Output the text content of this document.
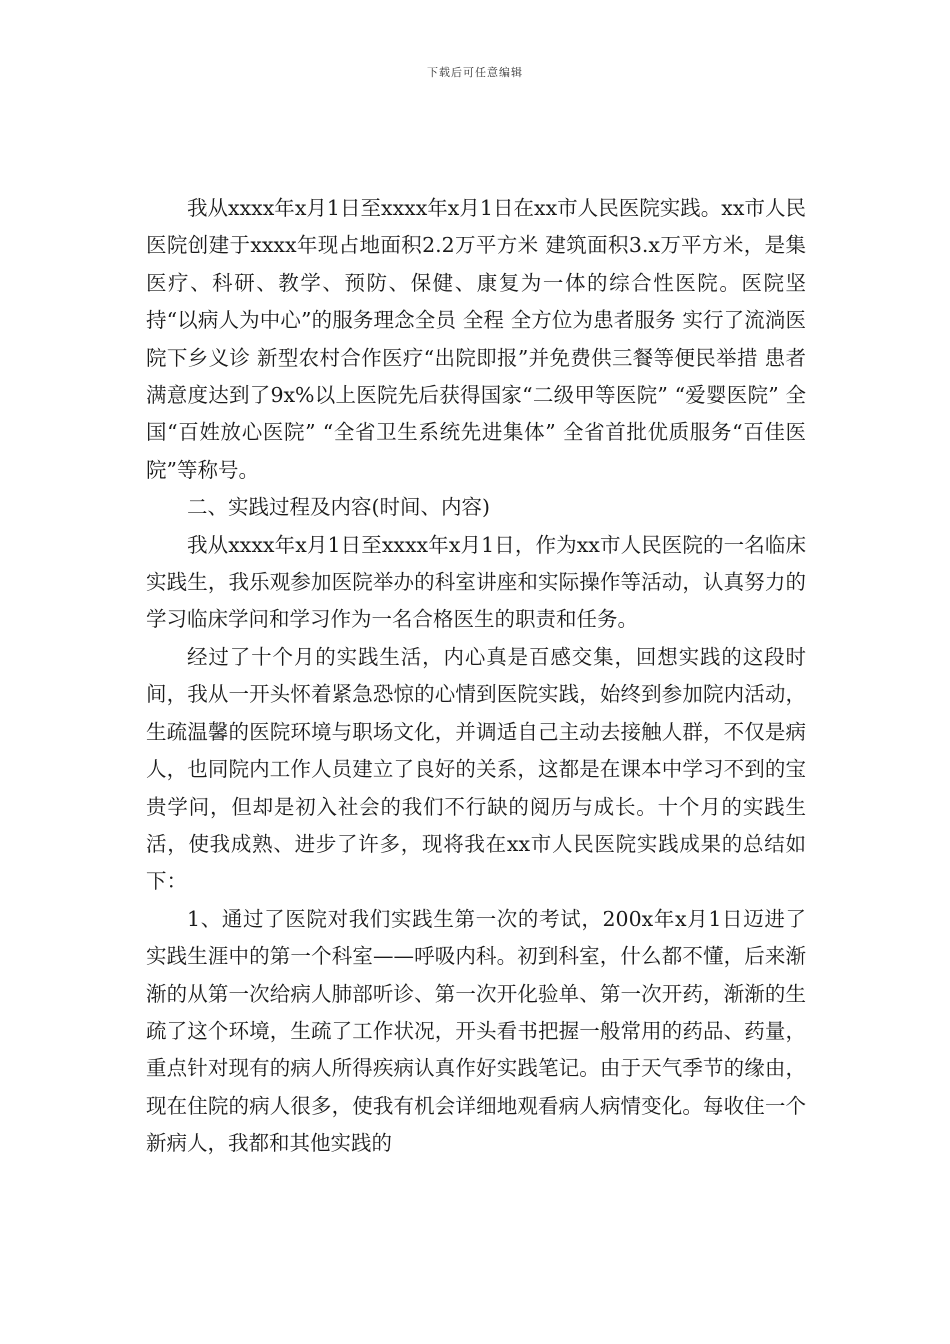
下载后可任意编辑

我从xxxx年x月1日至xxxx年x月1日在xx市人民医院实践。xx市人民医院创建于xxxx年现占地面积2.2万平方米 建筑面积3.x万平方米，是集医疗、科研、教学、预防、保健、康复为一体的综合性医院。医院坚持“以病人为中心”的服务理念全员 全程 全方位为患者服务 实行了流淌医院下乡义诊 新型农村合作医疗“出院即报”并免费供三餐等便民举措 患者满意度达到了9x%以上医院先后获得国家“二级甲等医院” “爱婴医院” 全国“百姓放心医院” “全省卫生系统先进集体” 全省首批优质服务“百佳医院”等称号。

二、实践过程及内容(时间、内容)

我从xxxx年x月1日至xxxx年x月1日，作为xx市人民医院的一名临床实践生，我乐观参加医院举办的科室讲座和实际操作等活动，认真努力的学习临床学问和学习作为一名合格医生的职责和任务。

经过了十个月的实践生活，内心真是百感交集，回想实践的这段时间，我从一开头怀着紧急恐惊的心情到医院实践，始终到参加院内活动，生疏温馨的医院环境与职场文化，并调适自己主动去接触人群，不仅是病人，也同院内工作人员建立了良好的关系，这都是在课本中学习不到的宝贵学问，但却是初入社会的我们不行缺的阅历与成长。十个月的实践生活，使我成熟、进步了许多，现将我在xx市人民医院实践成果的总结如下：

1、通过了医院对我们实践生第一次的考试，200x年x月1日迈进了实践生涯中的第一个科室——呼吸内科。初到科室，什么都不懂，后来渐渐的从第一次给病人肺部听诊、第一次开化验单、第一次开药，渐渐的生疏了这个环境，生疏了工作状况，开头看书把握一般常用的药品、药量，重点针对现有的病人所得疾病认真作好实践笔记。由于天气季节的缘由，现在住院的病人很多，使我有机会详细地观看病人病情变化。每收住一个新病人，我都和其他实践的
